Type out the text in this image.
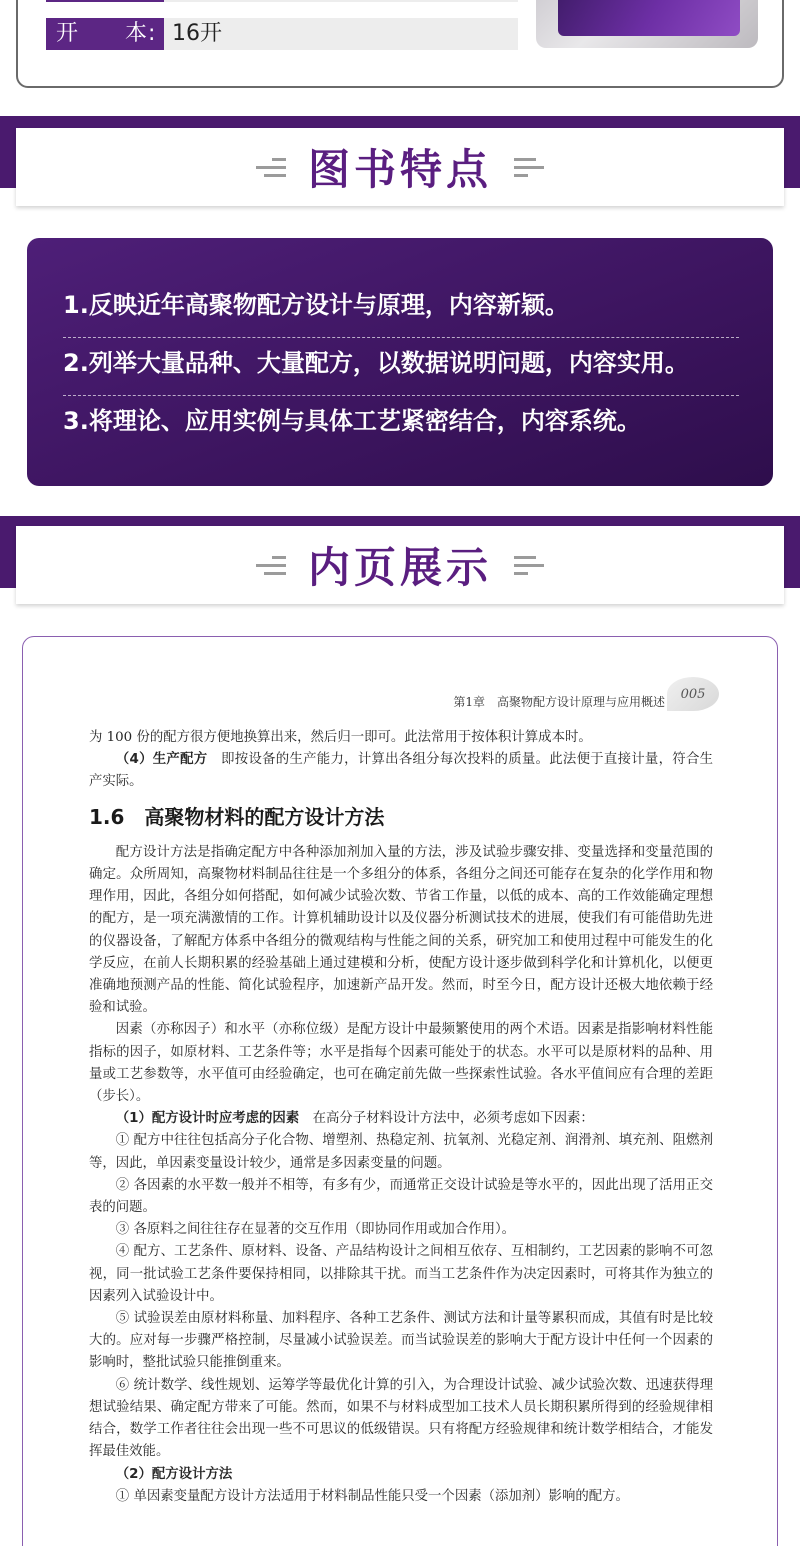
开　　本: 16开
图书特点
1.反映近年高聚物配方设计与原理，内容新颖。
2.列举大量品种、大量配方，以数据说明问题，内容实用。
3.将理论、应用实例与具体工艺紧密结合，内容系统。
内页展示
第1章　高聚物配方设计原理与应用概述
005

为 100 份的配方很方便地换算出来，然后归一即可。此法常用于按体积计算成本时。

（4）生产配方　即按设备的生产能力，计算出各组分每次投料的质量。此法便于直接计量，符合生产实际。

1.6　高聚物材料的配方设计方法

配方设计方法是指确定配方中各种添加剂加入量的方法，涉及试验步骤安排、变量选择和变量范围的确定。众所周知，高聚物材料制品往往是一个多组分的体系，各组分之间还可能存在复杂的化学作用和物理作用，因此，各组分如何搭配，如何减少试验次数、节省工作量，以低的成本、高的工作效能确定理想的配方，是一项充满激情的工作。计算机辅助设计以及仪器分析测试技术的进展，使我们有可能借助先进的仪器设备，了解配方体系中各组分的微观结构与性能之间的关系，研究加工和使用过程中可能发生的化学反应，在前人长期积累的经验基础上通过建模和分析，使配方设计逐步做到科学化和计算机化，以便更准确地预测产品的性能、简化试验程序，加速新产品开发。然而，时至今日，配方设计还极大地依赖于经验和试验。

因素（亦称因子）和水平（亦称位级）是配方设计中最频繁使用的两个术语。因素是指影响材料性能指标的因子，如原材料、工艺条件等；水平是指每个因素可能处于的状态。水平可以是原材料的品种、用量或工艺参数等，水平值可由经验确定，也可在确定前先做一些探索性试验。各水平值间应有合理的差距（步长）。

（1）配方设计时应考虑的因素　在高分子材料设计方法中，必须考虑如下因素：

① 配方中往往包括高分子化合物、增塑剂、热稳定剂、抗氧剂、光稳定剂、润滑剂、填充剂、阻燃剂等，因此，单因素变量设计较少，通常是多因素变量的问题。

② 各因素的水平数一般并不相等，有多有少，而通常正交设计试验是等水平的，因此出现了活用正交表的问题。

③ 各原料之间往往存在显著的交互作用（即协同作用或加合作用）。

④ 配方、工艺条件、原材料、设备、产品结构设计之间相互依存、互相制约，工艺因素的影响不可忽视，同一批试验工艺条件要保持相同，以排除其干扰。而当工艺条件作为决定因素时，可将其作为独立的因素列入试验设计中。

⑤ 试验误差由原材料称量、加料程序、各种工艺条件、测试方法和计量等累积而成，其值有时是比较大的。应对每一步骤严格控制，尽量减小试验误差。而当试验误差的影响大于配方设计中任何一个因素的影响时，整批试验只能推倒重来。

⑥ 统计数学、线性规划、运筹学等最优化计算的引入，为合理设计试验、减少试验次数、迅速获得理想试验结果、确定配方带来了可能。然而，如果不与材料成型加工技术人员长期积累所得到的经验规律相结合，数学工作者往往会出现一些不可思议的低级错误。只有将配方经验规律和统计数学相结合，才能发挥最佳效能。

（2）配方设计方法

① 单因素变量配方设计方法适用于材料制品性能只受一个因素（添加剂）影响的配方。
